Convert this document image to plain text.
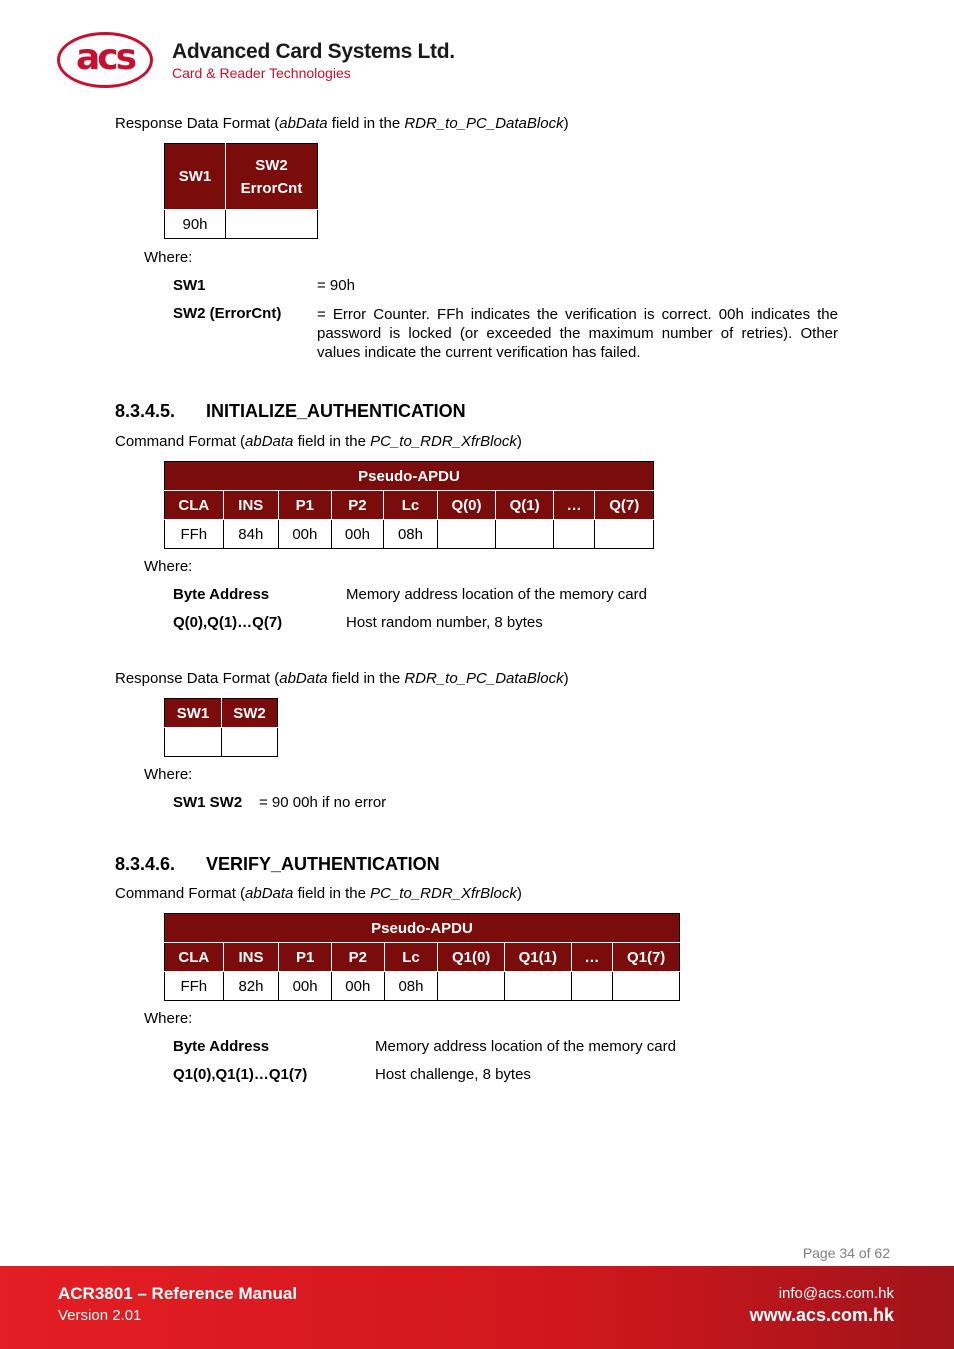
acs	Advanced Card Systems Ltd.
Card & Reader Technologies
Response Data Format (abData field in the RDR_to_PC_DataBlock)
SW1	SW2
ErrorCnt
90h	
Where:
SW1	= 90h
SW2 (ErrorCnt) = Error Counter. FFh indicates the verification is correct. 00h indicates the password is locked (or exceeded the maximum number of retries). Other values indicate the current verification has failed.
8.3.4.5. INITIALIZE_AUTHENTICATION
Command Format (abData field in the PC_to_RDR_XfrBlock)
Pseudo-APDU								
CLA	INS	P1	P2	Lc	Q(0)	Q(1)	…	Q(7)
FFh	84h	00h	00h	08h				
Where:
Byte Address	Memory address location of the memory card
Q(0),Q(1)…Q(7)	Host random number, 8 bytes
Response Data Format (abData field in the RDR_to_PC_DataBlock)
SW1	SW2

Where:
SW1 SW2 = 90 00h if no error
8.3.4.6. VERIFY_AUTHENTICATION
Command Format (abData field in the PC_to_RDR_XfrBlock)
Pseudo-APDU								
CLA	INS	P1	P2	Lc	Q1(0)	Q1(1)	…	Q1(7)
FFh	82h	00h	00h	08h				
Where:
Byte Address	Memory address location of the memory card
Q1(0),Q1(1)…Q1(7)	Host challenge, 8 bytes
Page 34 of 62
ACR3801 – Reference Manual
Version 2.01
info@acs.com.hk
www.acs.com.hk
